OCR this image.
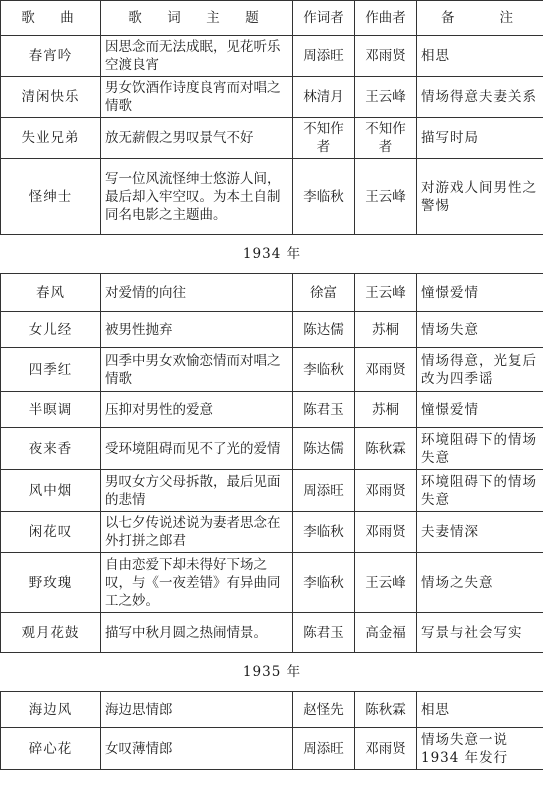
歌　曲	歌　词　主　题	作词者	作曲者	备　　注
春宵吟	因思念而无法成眠，见花听乐空渡良宵	周添旺	邓雨贤	相思
清闲快乐	男女饮酒作诗度良宵而对唱之情歌	林清月	王云峰	情场得意夫妻关系
失业兄弟	放无薪假之男叹景气不好	不知作者	不知作者	描写时局
怪绅士	写一位风流怪绅士悠游人间，最后却入牢空叹。为本土自制同名电影之主题曲。	李临秋	王云峰	对游戏人间男性之警惕
1934 年				
春风	对爱情的向往	徐富	王云峰	憧憬爱情
女儿经	被男性抛弃	陈达儒	苏桐	情场失意
四季红	四季中男女欢愉恋情而对唱之情歌	李临秋	邓雨贤	情场得意，光复后改为四季谣
半暝调	压抑对男性的爱意	陈君玉	苏桐	憧憬爱情
夜来香	受环境阻碍而见不了光的爱情	陈达儒	陈秋霖	环境阻碍下的情场失意
风中烟	男叹女方父母拆散，最后见面的悲情	周添旺	邓雨贤	环境阻碍下的情场失意
闲花叹	以七夕传说述说为妻者思念在外打拼之郎君	李临秋	邓雨贤	夫妻情深
野玫瑰	自由恋爱下却未得好下场之叹，与《一夜差错》有异曲同工之妙。	李临秋	王云峰	情场之失意
观月花鼓	描写中秋月圆之热闹情景。	陈君玉	高金福	写景与社会写实
1935 年				
海边风	海边思情郎	赵怪先	陈秋霖	相思
碎心花	女叹薄情郎	周添旺	邓雨贤	情场失意一说 1934 年发行
